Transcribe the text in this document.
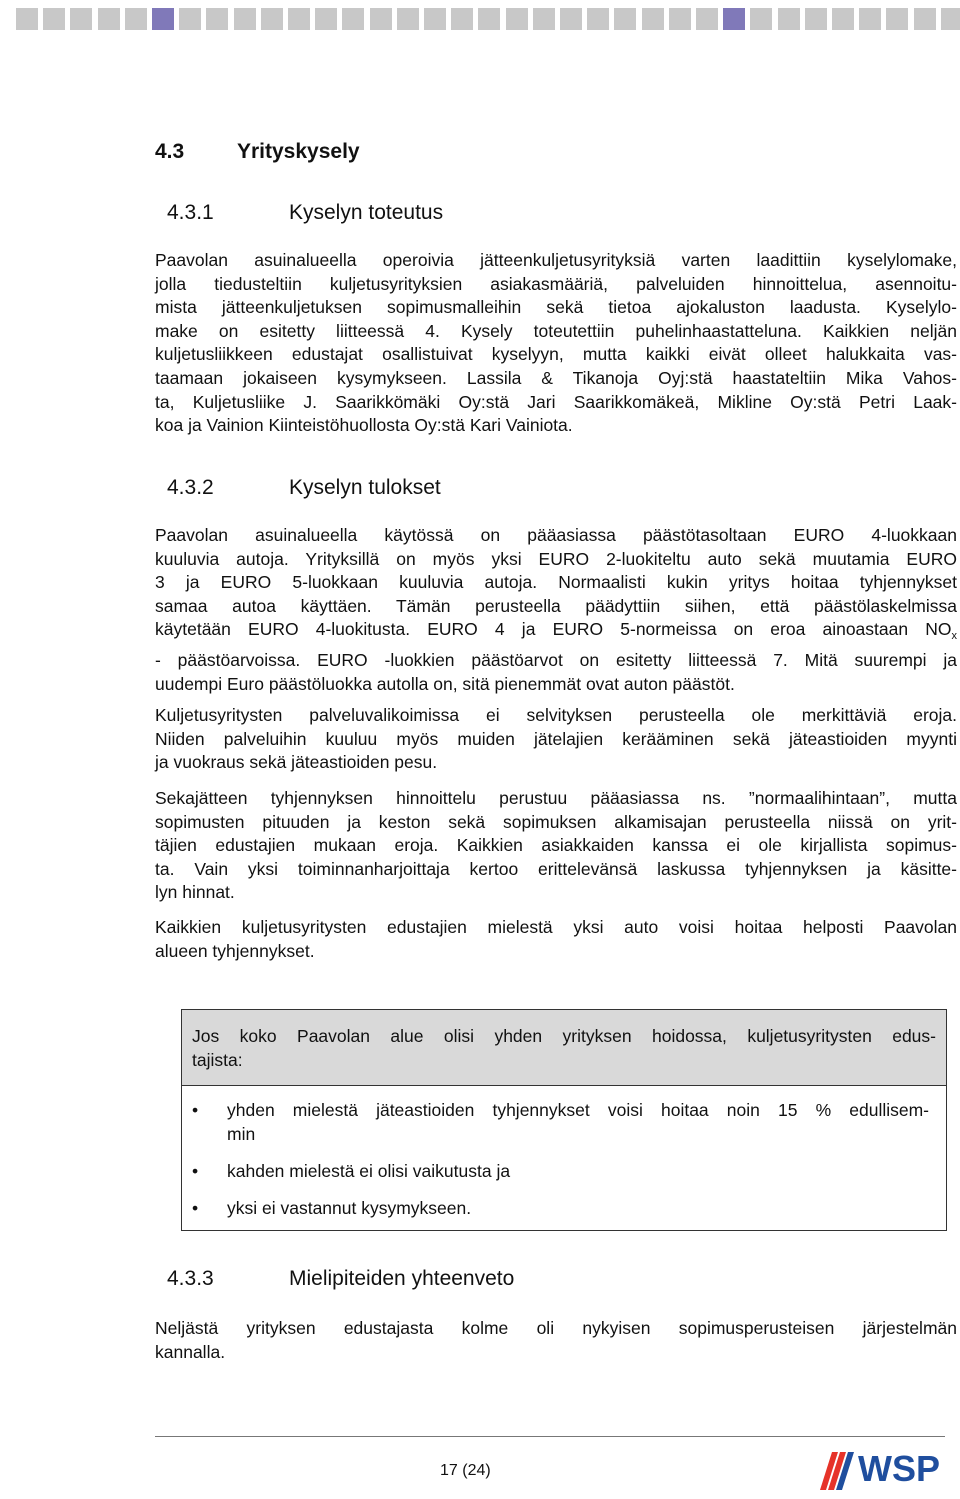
4.3	Yrityskysely
4.3.1	Kyselyn toteutus

Paavolan asuinalueella operoivia jätteenkuljetusyrityksiä varten laadittiin kyselylomake,
jolla tiedusteltiin kuljetusyrityksien asiakasmääriä, palveluiden hinnoittelua, asennoitu-
mista jätteenkuljetuksen sopimusmalleihin sekä tietoa ajokaluston laadusta. Kyselylo-
make on esitetty liitteessä 4. Kysely toteutettiin puhelinhaastatteluna. Kaikkien neljän
kuljetusliikkeen edustajat osallistuivat kyselyyn, mutta kaikki eivät olleet halukkaita vas-
taamaan jokaiseen kysymykseen. Lassila & Tikanoja Oyj:stä haastateltiin Mika Vahos-
ta, Kuljetusliike J. Saarikkömäki Oy:stä Jari Saarikkomäkeä, Mikline Oy:stä Petri Laak-
koa ja Vainion Kiinteistöhuollosta Oy:stä Kari Vainiota.

4.3.2	Kyselyn tulokset

Paavolan asuinalueella käytössä on pääasiassa päästötasoltaan EURO 4-luokkaan
kuuluvia autoja. Yrityksillä on myös yksi EURO 2-luokiteltu auto sekä muutamia EURO
3 ja EURO 5-luokkaan kuuluvia autoja. Normaalisti kukin yritys hoitaa tyhjennykset
samaa autoa käyttäen. Tämän perusteella päädyttiin siihen, että päästölaskelmissa
käytetään EURO 4-luokitusta. EURO 4 ja EURO 5-normeissa on eroa ainoastaan $NO_x$
- päästöarvoissa. EURO -luokkien päästöarvot on esitetty liitteessä 7. Mitä suurempi ja
uudempi Euro päästöluokka autolla on, sitä pienemmät ovat auton päästöt.

Kuljetusyritysten palveluvalikoimissa ei selvityksen perusteella ole merkittäviä eroja.
Niiden palveluihin kuuluu myös muiden jätelajien kerääminen sekä jäteastioiden myynti
ja vuokraus sekä jäteastioiden pesu.

Sekajätteen tyhjennyksen hinnoittelu perustuu pääasiassa ns. ”normaalihintaan”, mutta
sopimusten pituuden ja keston sekä sopimuksen alkamisajan perusteella niissä on yrit-
täjien edustajien mukaan eroja. Kaikkien asiakkaiden kanssa ei ole kirjallista sopimus-
ta. Vain yksi toiminnanharjoittaja kertoo eritteleväns​ä laskussa tyhjennyksen ja käsitte-
lyn hinnat.

Kaikkien kuljetusyritysten edustajien mielestä yksi auto voisi hoitaa helposti Paavolan
alueen tyhjennykset.

Jos koko Paavolan alue olisi yhden yrityksen hoidossa, kuljetusyritysten edus-
tajista:
• yhden mielestä jäteastioiden tyhjennykset voisi hoitaa noin 15 % edullisem-
min
• kahden mielestä ei olisi vaikutusta ja
• yksi ei vastannut kysymykseen.
4.3.3	Mielipiteiden yhteenveto

Neljästä yrityksen edustajasta kolme oli nykyisen sopimusperusteisen järjestelmän
kannalla.

17 (24)	WSP
